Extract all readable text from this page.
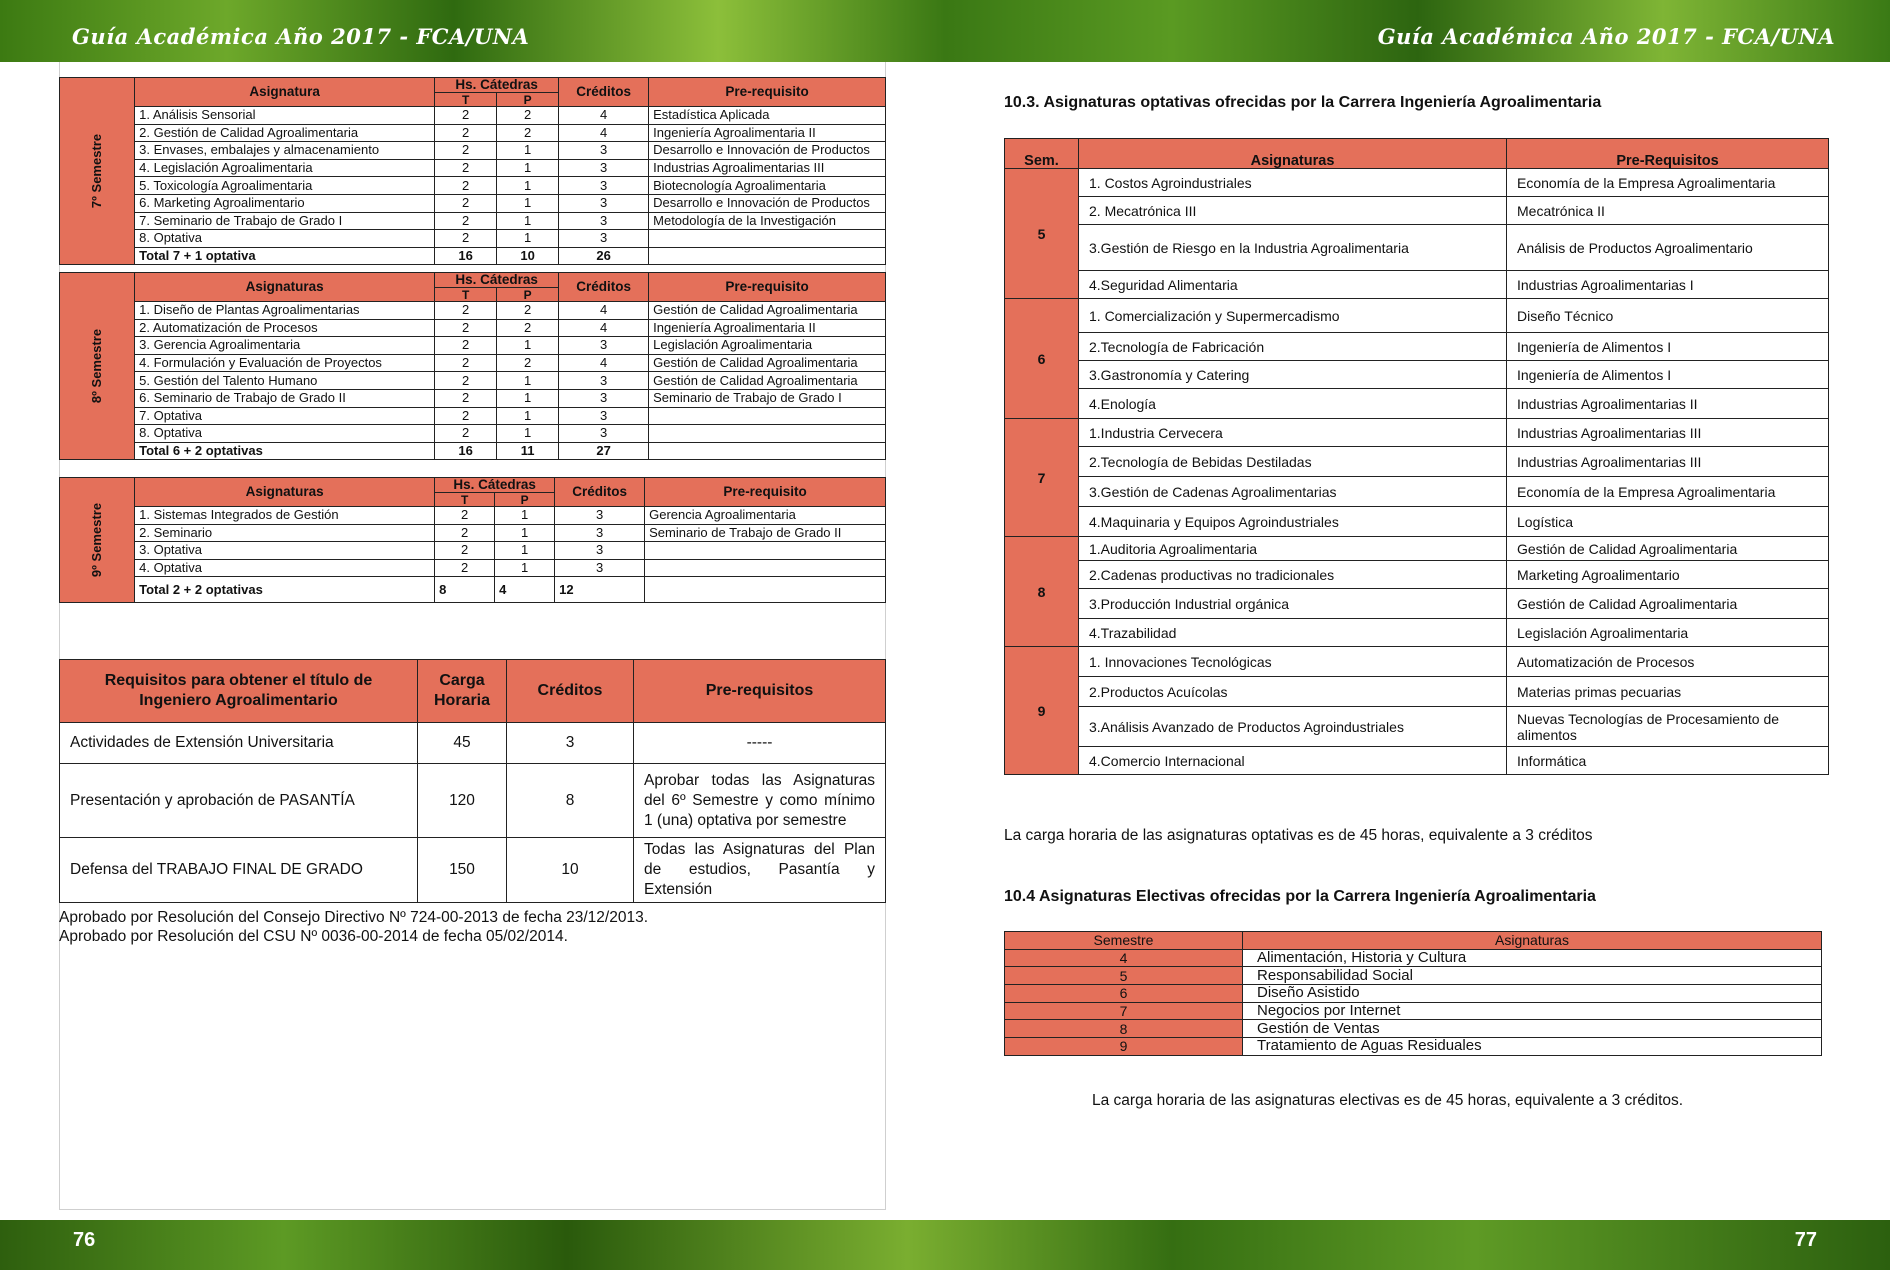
Guía Académica Año 2017 - FCA/UNA	Guía Académica Año 2017 - FCA/UNA
76	77
7º Semestre	Asignatura	Hs. Cátedras		Créditos	Pre-requisito
		T	P		
	1. Análisis Sensorial	2	2	4	Estadística Aplicada
	2. Gestión de Calidad Agroalimentaria	2	2	4	Ingeniería Agroalimentaria II
	3. Envases, embalajes y almacenamiento	2	1	3	Desarrollo e Innovación de Productos
	4. Legislación Agroalimentaria	2	1	3	Industrias Agroalimentarias III
	5. Toxicología Agroalimentaria	2	1	3	Biotecnología Agroalimentaria
	6. Marketing Agroalimentario	2	1	3	Desarrollo e Innovación de Productos
	7. Seminario de Trabajo de Grado I	2	1	3	Metodología de la Investigación
	8. Optativa	2	1	3	
	Total 7 + 1 optativa	16	10	26	
8º Semestre	Asignaturas	Hs. Cátedras		Créditos	Pre-requisito
		T	P		
	1. Diseño de Plantas Agroalimentarias	2	2	4	Gestión de Calidad Agroalimentaria
	2. Automatización de Procesos	2	2	4	Ingeniería Agroalimentaria II
	3. Gerencia Agroalimentaria	2	1	3	Legislación Agroalimentaria
	4. Formulación y Evaluación de Proyectos	2	2	4	Gestión de Calidad Agroalimentaria
	5. Gestión del Talento Humano	2	1	3	Gestión de Calidad Agroalimentaria
	6. Seminario de Trabajo de Grado II	2	1	3	Seminario de Trabajo de Grado I
	7. Optativa	2	1	3	
	8. Optativa	2	1	3	
	Total 6 + 2 optativas	16	11	27	
9º Semestre	Asignaturas	Hs. Cátedras		Créditos	Pre-requisito
		T	P		
	1. Sistemas Integrados de Gestión	2	1	3	Gerencia Agroalimentaria
	2. Seminario	2	1	3	Seminario de Trabajo de Grado II
	3. Optativa	2	1	3	
	4. Optativa	2	1	3	
	Total 2 + 2 optativas	8	4	12	
Requisitos para obtener el título de Ingeniero Agroalimentario	Carga Horaria	Créditos	Pre-requisitos
Actividades de Extensión Universitaria	45	3	-----
Presentación y aprobación de PASANTÍA	120	8	Aprobar todas las Asignaturas del 6º Semestre y como mínimo 1 (una) optativa por semestre
Defensa del TRABAJO FINAL DE GRADO	150	10	Todas las Asignaturas del Plan de estudios, Pasantía y Extensión
Aprobado por Resolución del Consejo Directivo Nº 724-00-2013 de fecha 23/12/2013.
Aprobado por Resolución del CSU Nº 0036-00-2014 de fecha 05/02/2014.
10.3. Asignaturas optativas ofrecidas por la Carrera Ingeniería Agroalimentaria
Sem.	Asignaturas	Pre-Requisitos
5	1. Costos Agroindustriales	Economía de la Empresa Agroalimentaria
	2. Mecatrónica III	Mecatrónica II
	3.Gestión de Riesgo en la Industria Agroalimentaria	Análisis de Productos Agroalimentario
	4.Seguridad Alimentaria	Industrias Agroalimentarias I
6	1. Comercialización y Supermercadismo	Diseño Técnico
	2.Tecnología de Fabricación	Ingeniería de Alimentos I
	3.Gastronomía y Catering	Ingeniería de Alimentos I
	4.Enología	Industrias Agroalimentarias II
7	1.Industria Cervecera	Industrias Agroalimentarias III
	2.Tecnología de Bebidas Destiladas	Industrias Agroalimentarias III
	3.Gestión de Cadenas Agroalimentarias	Economía de la Empresa Agroalimentaria
	4.Maquinaria y Equipos Agroindustriales	Logística
8	1.Auditoria Agroalimentaria	Gestión de Calidad Agroalimentaria
	2.Cadenas productivas no tradicionales	Marketing Agroalimentario
	3.Producción Industrial orgánica	Gestión de Calidad Agroalimentaria
	4.Trazabilidad	Legislación Agroalimentaria
9	1. Innovaciones Tecnológicas	Automatización de Procesos
	2.Productos Acuícolas	Materias primas pecuarias
	3.Análisis Avanzado de Productos Agroindustriales	Nuevas Tecnologías de Procesamiento de alimentos
	4.Comercio Internacional	Informática
La carga horaria de las asignaturas optativas es de 45 horas, equivalente a 3 créditos
10.4 Asignaturas Electivas ofrecidas por la Carrera Ingeniería Agroalimentaria
Semestre	Asignaturas
4	Alimentación, Historia y Cultura
5	Responsabilidad Social
6	Diseño Asistido
7	Negocios por Internet
8	Gestión de Ventas
9	Tratamiento de Aguas Residuales
La carga horaria de las asignaturas electivas es de 45 horas, equivalente a 3 créditos.
